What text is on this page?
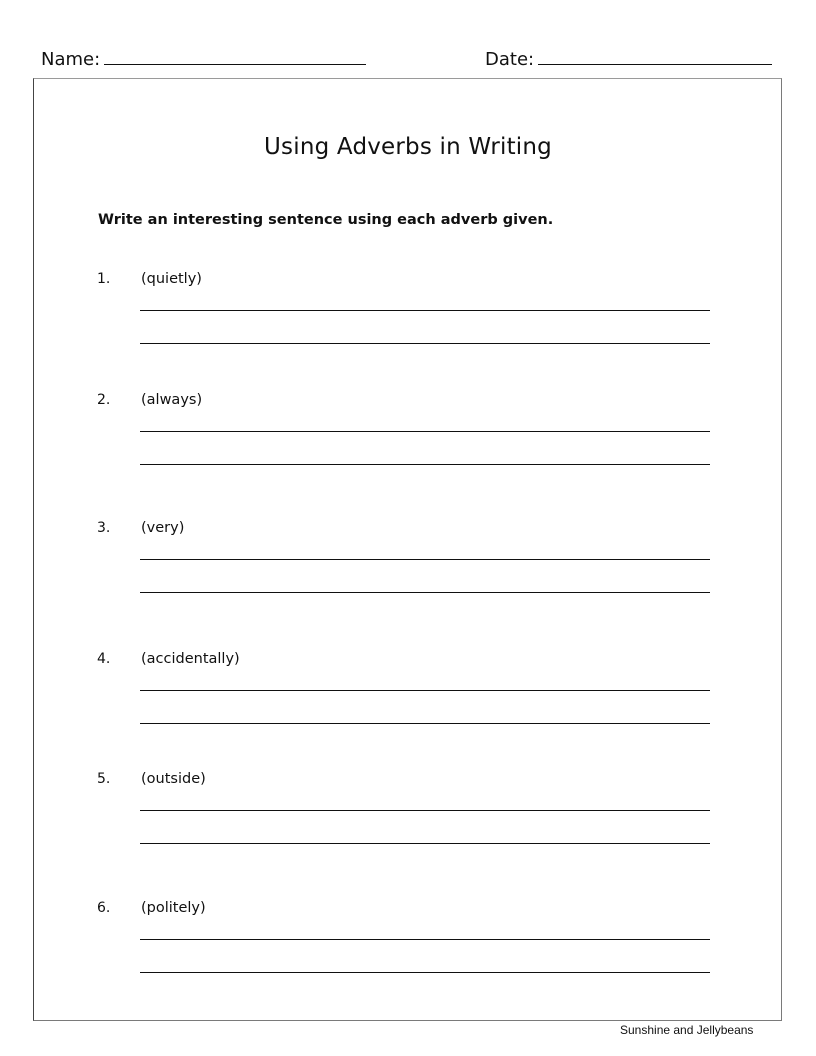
Name:	Date:
Using Adverbs in Writing
Write an interesting sentence using each adverb given.
1. (quietly)
2. (always)
3. (very)
4. (accidentally)
5. (outside)
6. (politely)
Sunshine and Jellybeans
